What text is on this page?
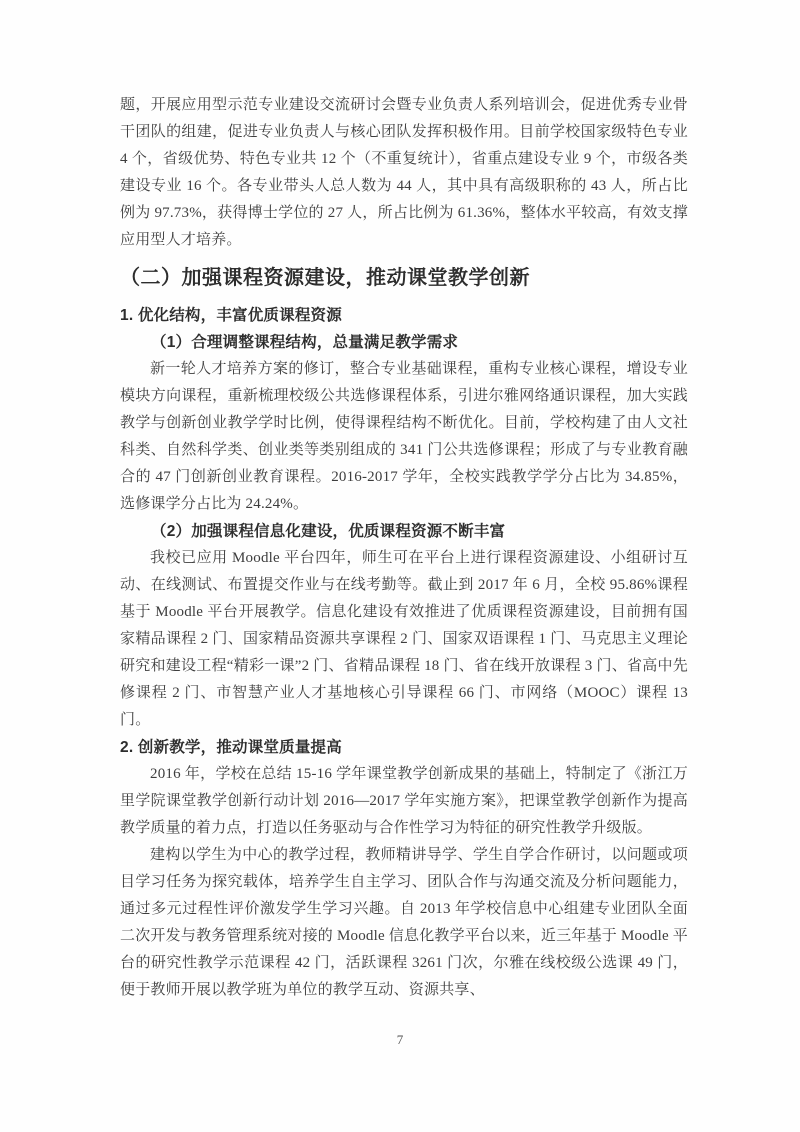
题，开展应用型示范专业建设交流研讨会暨专业负责人系列培训会，促进优秀专业骨干团队的组建，促进专业负责人与核心团队发挥积极作用。目前学校国家级特色专业 4 个，省级优势、特色专业共 12 个（不重复统计），省重点建设专业 9 个，市级各类建设专业 16 个。各专业带头人总人数为 44 人，其中具有高级职称的 43 人，所占比例为 97.73%，获得博士学位的 27 人，所占比例为 61.36%，整体水平较高，有效支撑应用型人才培养。

（二）加强课程资源建设，推动课堂教学创新
1. 优化结构，丰富优质课程资源
（1）合理调整课程结构，总量满足教学需求

新一轮人才培养方案的修订，整合专业基础课程，重构专业核心课程，增设专业模块方向课程，重新梳理校级公共选修课程体系，引进尔雅网络通识课程，加大实践教学与创新创业教学学时比例，使得课程结构不断优化。目前，学校构建了由人文社科类、自然科学类、创业类等类别组成的 341 门公共选修课程；形成了与专业教育融合的 47 门创新创业教育课程。2016-2017 学年，全校实践教学学分占比为 34.85%，选修课学分占比为 24.24%。

（2）加强课程信息化建设，优质课程资源不断丰富

我校已应用 Moodle 平台四年，师生可在平台上进行课程资源建设、小组研讨互动、在线测试、布置提交作业与在线考勤等。截止到 2017 年 6 月，全校 95.86%课程基于 Moodle 平台开展教学。信息化建设有效推进了优质课程资源建设，目前拥有国家精品课程 2 门、国家精品资源共享课程 2 门、国家双语课程 1 门、马克思主义理论研究和建设工程“精彩一课”2 门、省精品课程 18 门、省在线开放课程 3 门、省高中先修课程 2 门、市智慧产业人才基地核心引导课程 66 门、市网络（MOOC）课程 13 门。

2. 创新教学，推动课堂质量提高

2016 年，学校在总结 15-16 学年课堂教学创新成果的基础上，特制定了《浙江万里学院课堂教学创新行动计划 2016—2017 学年实施方案》，把课堂教学创新作为提高教学质量的着力点，打造以任务驱动与合作性学习为特征的研究性教学升级版。

建构以学生为中心的教学过程，教师精讲导学、学生自学合作研讨，以问题或项目学习任务为探究载体，培养学生自主学习、团队合作与沟通交流及分析问题能力，通过多元过程性评价激发学生学习兴趣。自 2013 年学校信息中心组建专业团队全面二次开发与教务管理系统对接的 Moodle 信息化教学平台以来，近三年基于 Moodle 平台的研究性教学示范课程 42 门，活跃课程 3261 门次，尔雅在线校级公选课 49 门，便于教师开展以教学班为单位的教学互动、资源共享、

7
